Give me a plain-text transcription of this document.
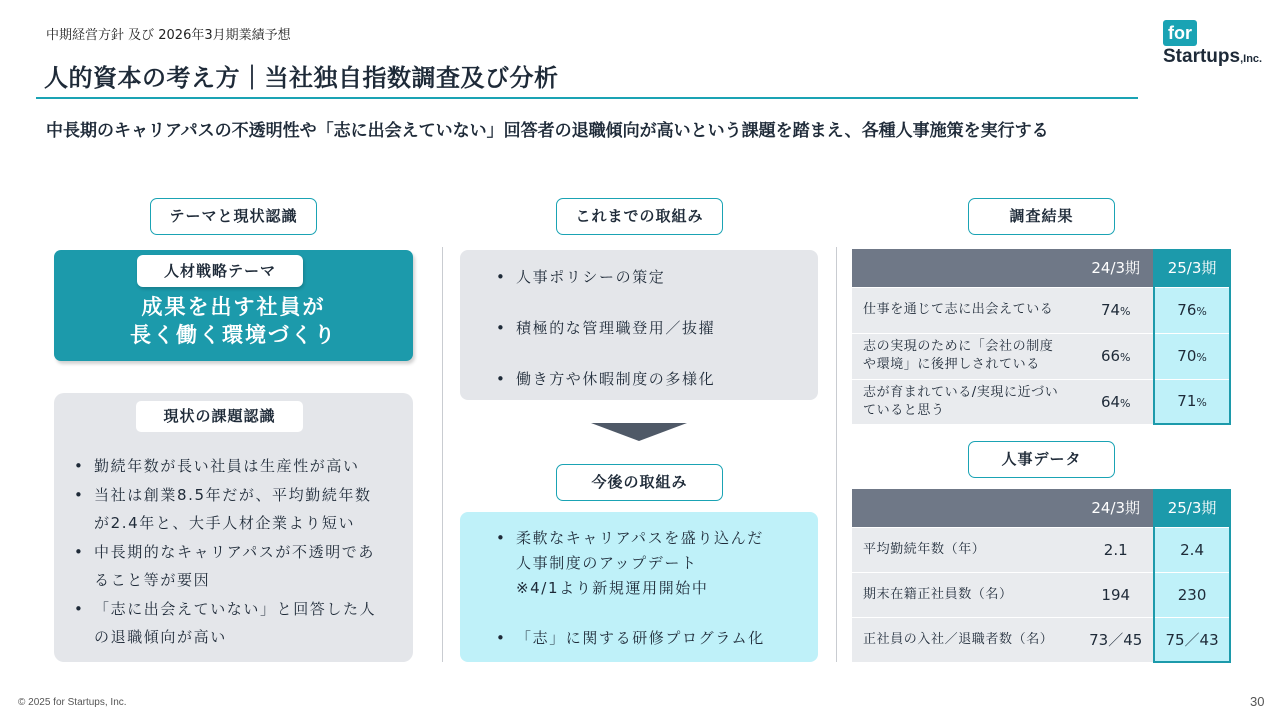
中期経営方針 及び 2026年3月期業績予想
人的資本の考え方｜当社独自指数調査及び分析
for
Startups,Inc.
中長期のキャリアパスの不透明性や「志に出会えていない」回答者の退職傾向が高いという課題を踏まえ、各種人事施策を実行する
テーマと現状認識
人材戦略テーマ
成果を出す社員が
長く働く環境づくり
現状の課題認識
• 勤続年数が長い社員は生産性が高い
• 当社は創業8.5年だが、平均勤続年数
が2.4年と、大手人材企業より短い
• 中長期的なキャリアパスが不透明であ
ること等が要因
• 「志に出会えていない」と回答した人
の退職傾向が高い
これまでの取組み
• 人事ポリシーの策定
• 積極的な管理職登用／抜擢
• 働き方や休暇制度の多様化
今後の取組み
• 柔軟なキャリアパスを盛り込んだ
人事制度のアップデート
※4/1より新規運用開始中
• 「志」に関する研修プログラム化
調査結果
	24/3期	25/3期
仕事を通じて志に出会えている	74%	76%
志の実現のために「会社の制度
や環境」に後押しされている	66%	70%
志が育まれている/実現に近づい
ていると思う	64%	71%
人事データ
	24/3期	25/3期
平均勤続年数（年）	2.1	2.4
期末在籍正社員数（名）	194	230
正社員の入社／退職者数（名）	73／45	75／43
© 2025 for Startups, Inc.	30
